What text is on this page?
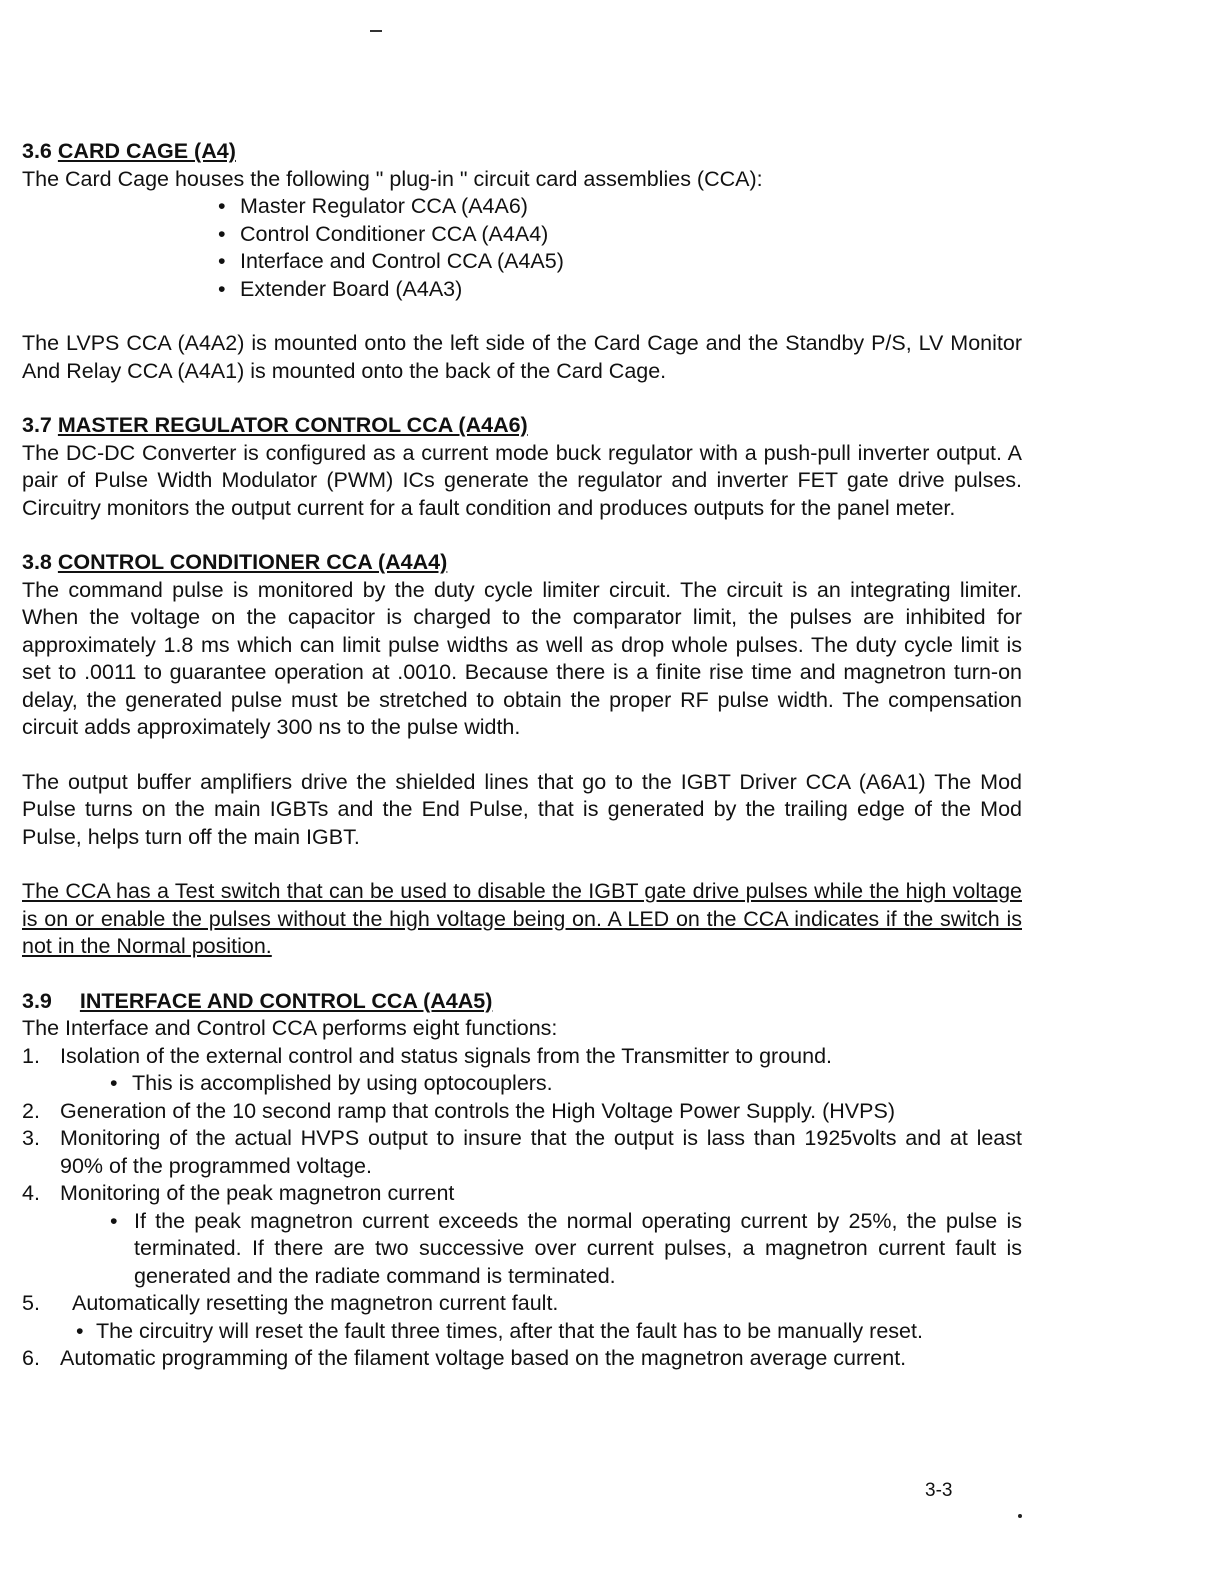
3.6 CARD CAGE (A4)

The Card Cage houses the following " plug-in " circuit card assemblies (CCA):

• Master Regulator CCA (A4A6)
• Control Conditioner CCA (A4A4)
• Interface and Control CCA (A4A5)
• Extender Board (A4A3)

The LVPS CCA (A4A2) is mounted onto the left side of the Card Cage and the Standby P/S, LV Monitor And Relay CCA (A4A1) is mounted onto the back of the Card Cage.

3.7 MASTER REGULATOR CONTROL CCA (A4A6)

The DC-DC Converter is configured as a current mode buck regulator with a push-pull inverter output. A pair of Pulse Width Modulator (PWM) ICs generate the regulator and inverter FET gate drive pulses. Circuitry monitors the output current for a fault condition and produces outputs for the panel meter.

3.8 CONTROL CONDITIONER CCA (A4A4)

The command pulse is monitored by the duty cycle limiter circuit. The circuit is an integrating limiter. When the voltage on the capacitor is charged to the comparator limit, the pulses are inhibited for approximately 1.8 ms which can limit pulse widths as well as drop whole pulses. The duty cycle limit is set to .0011 to guarantee operation at .0010. Because there is a finite rise time and magnetron turn-on delay, the generated pulse must be stretched to obtain the proper RF pulse width. The compensation circuit adds approximately 300 ns to the pulse width.

The output buffer amplifiers drive the shielded lines that go to the IGBT Driver CCA (A6A1) The Mod Pulse turns on the main IGBTs and the End Pulse, that is generated by the trailing edge of the Mod Pulse, helps turn off the main IGBT.

The CCA has a Test switch that can be used to disable the IGBT gate drive pulses while the high voltage is on or enable the pulses without the high voltage being on. A LED on the CCA indicates if the switch is not in the Normal position.

3.9 INTERFACE AND CONTROL CCA (A4A5)

The Interface and Control CCA performs eight functions:

1. Isolation of the external control and status signals from the Transmitter to ground.
• This is accomplished by using optocouplers.
2. Generation of the 10 second ramp that controls the High Voltage Power Supply. (HVPS)
3. Monitoring of the actual HVPS output to insure that the output is lass than 1925volts and at least 90% of the programmed voltage.
4. Monitoring of the peak magnetron current
• If the peak magnetron current exceeds the normal operating current by 25%, the pulse is terminated. If there are two successive over current pulses, a magnetron current fault is generated and the radiate command is terminated.
5. Automatically resetting the magnetron current fault.
• The circuitry will reset the fault three times, after that the fault has to be manually reset.
6. Automatic programming of the filament voltage based on the magnetron average current.
3-3
